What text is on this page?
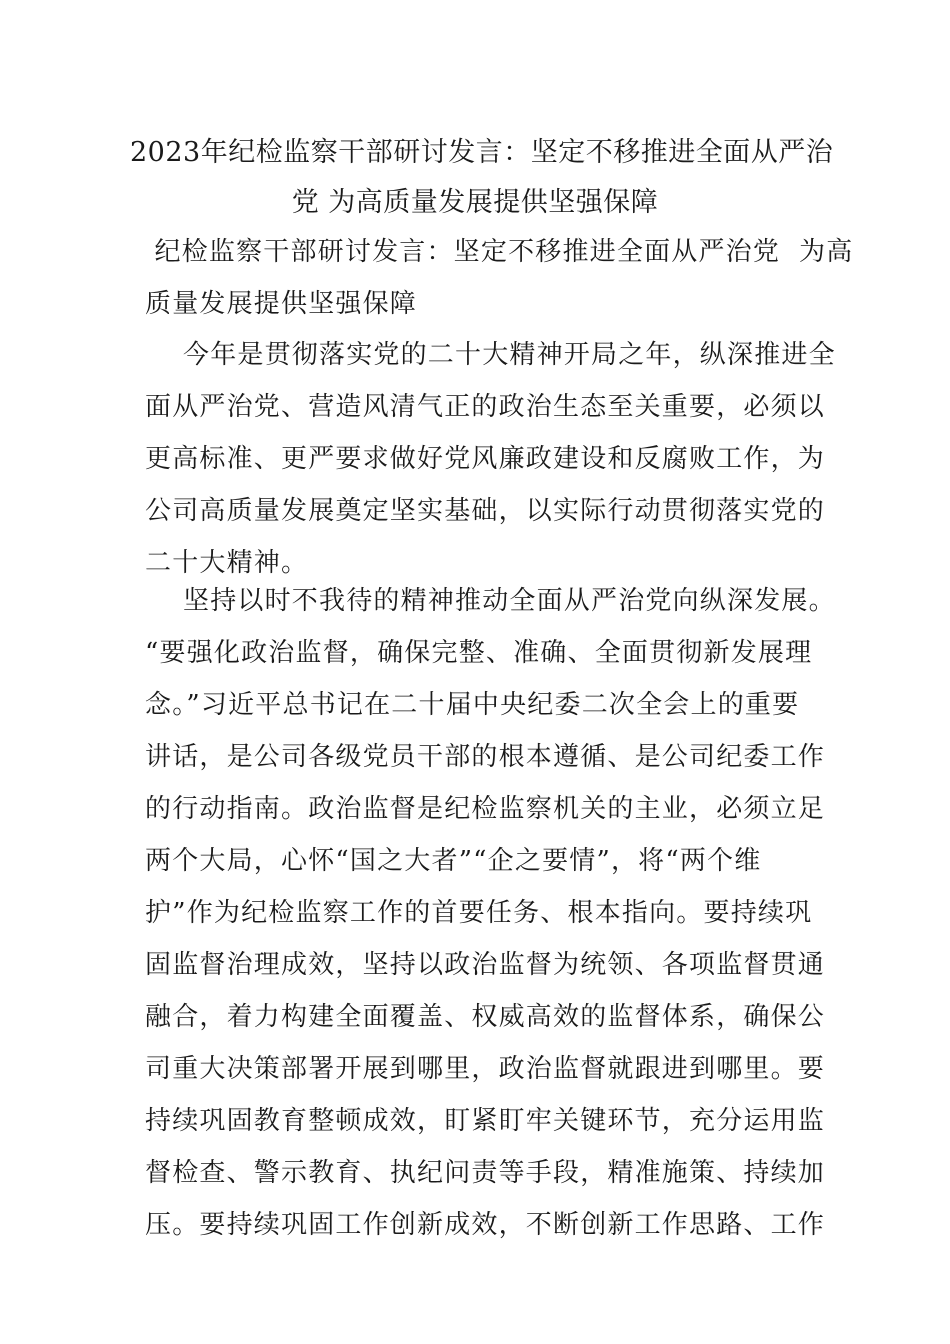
2023年纪检监察干部研讨发言：坚定不移推进全面从严治
党 为高质量发展提供坚强保障
纪检监察干部研讨发言：坚定不移推进全面从严治党  为高
质量发展提供坚强保障
今年是贯彻落实党的二十大精神开局之年，纵深推进全
面从严治党、营造风清气正的政治生态至关重要，必须以
更高标准、更严要求做好党风廉政建设和反腐败工作，为
公司高质量发展奠定坚实基础，以实际行动贯彻落实党的
二十大精神。
坚持以时不我待的精神推动全面从严治党向纵深发展。
“要强化政治监督，确保完整、准确、全面贯彻新发展理
念。”习近平总书记在二十届中央纪委二次全会上的重要
讲话，是公司各级党员干部的根本遵循、是公司纪委工作
的行动指南。政治监督是纪检监察机关的主业，必须立足
两个大局，心怀“国之大者”“企之要情”，将“两个维
护”作为纪检监察工作的首要任务、根本指向。要持续巩
固监督治理成效，坚持以政治监督为统领、各项监督贯通
融合，着力构建全面覆盖、权威高效的监督体系，确保公
司重大决策部署开展到哪里，政治监督就跟进到哪里。要
持续巩固教育整顿成效，盯紧盯牢关键环节，充分运用监
督检查、警示教育、执纪问责等手段，精准施策、持续加
压。要持续巩固工作创新成效，不断创新工作思路、工作
